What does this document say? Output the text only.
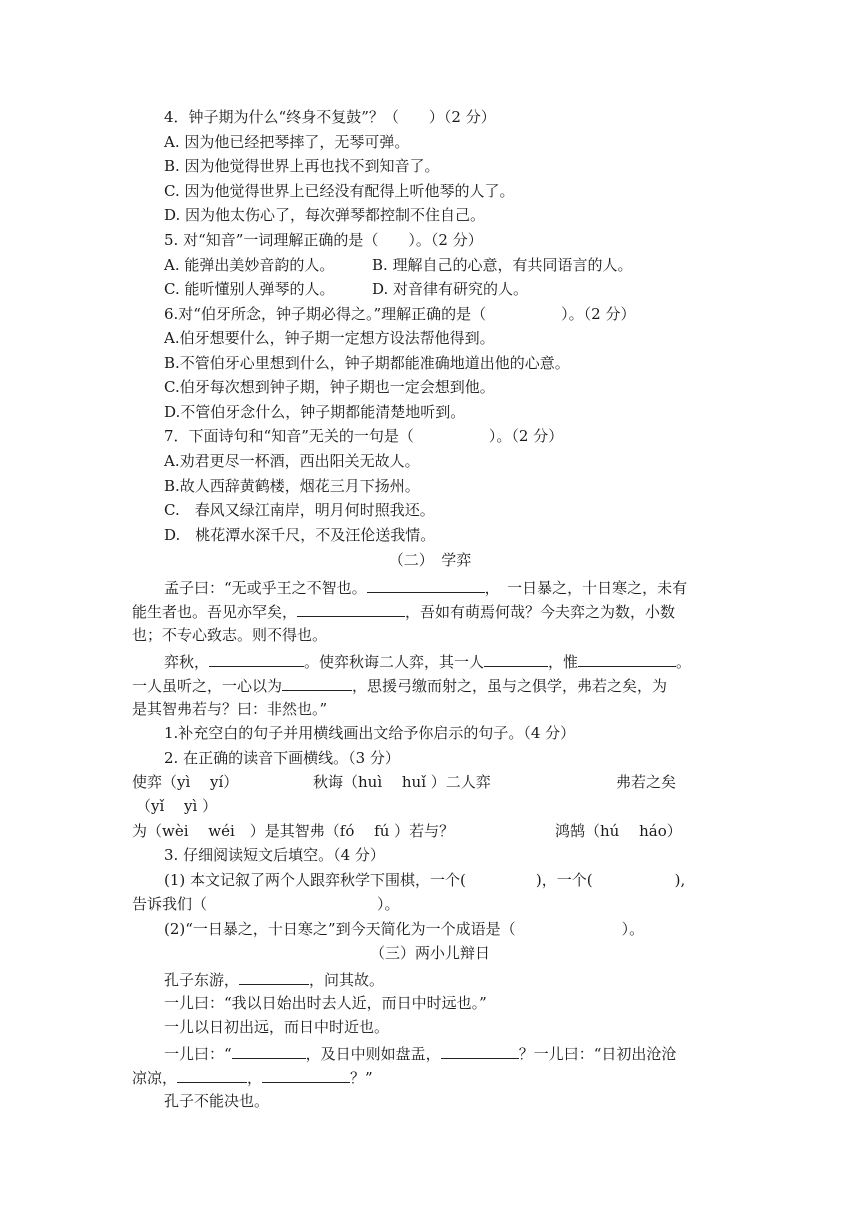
4．钟子期为什么“终身不复鼓”？（　　）（2 分）
A. 因为他已经把琴摔了，无琴可弹。
B. 因为他觉得世界上再也找不到知音了。
C. 因为他觉得世界上已经没有配得上听他琴的人了。
D. 因为他太伤心了，每次弹琴都控制不住自己。
5. 对“知音”一词理解正确的是（　　）。（2 分）
A. 能弹出美妙音韵的人。	B. 理解自己的心意，有共同语言的人。
C. 能听懂别人弹琴的人。	D. 对音律有研究的人。
6.对“伯牙所念，钟子期必得之。”理解正确的是（　　　　　）。（2 分）
A.伯牙想要什么，钟子期一定想方设法帮他得到。
B.不管伯牙心里想到什么，钟子期都能准确地道出他的心意。
C.伯牙每次想到钟子期，钟子期也一定会想到他。
D.不管伯牙念什么，钟子期都能清楚地听到。
7．下面诗句和“知音”无关的一句是（　　　　　）。（2 分）
A.劝君更尽一杯酒，西出阳关无故人。
B.故人西辞黄鹤楼，烟花三月下扬州。
C.　春风又绿江南岸，明月何时照我还。
D.　桃花潭水深千尺，不及汪伦送我情。
（二）　学弈
孟子曰：“无或乎王之不智也。	，　一日暴之，十日寒之，未有
能生者也。吾见亦罕矣，	，吾如有萌焉何哉？今夫弈之为数，小数
也；不专心致志。则不得也。
弈秋，	。使弈秋诲二人弈，其一人	，惟	。
一人虽听之，一心以为	，思援弓缴而射之，虽与之俱学，弗若之矣，为
是其智弗若与？曰：非然也。”
1.补充空白的句子并用横线画出文给予你启示的句子。（4 分）
2. 在正确的读音下画横线。（3 分）
使弈（yì　 yí）	秋诲（huì　 huǐ ）二人弈	弗若之矣
（yǐ　 yì ）
为（wèi　 wéi　）是其智弗（fó　 fú ）若与？	鸿鹄（hú　 háo）
3. 仔细阅读短文后填空。（4 分）
(1) 本文记叙了两个人跟弈秋学下围棋，一个(	)，一个(	),
告诉我们（	）。
(2)“一日暴之，十日寒之”到今天简化为一个成语是（	）。
（三）两小儿辩日
孔子东游，	，问其故。
一儿曰：“我以日始出时去人近，而日中时远也。”
一儿以日初出远，而日中时近也。
一儿曰：“	，及日中则如盘盂，	？一儿曰：“日初出沧沧
凉凉，	，	？”
孔子不能决也。
